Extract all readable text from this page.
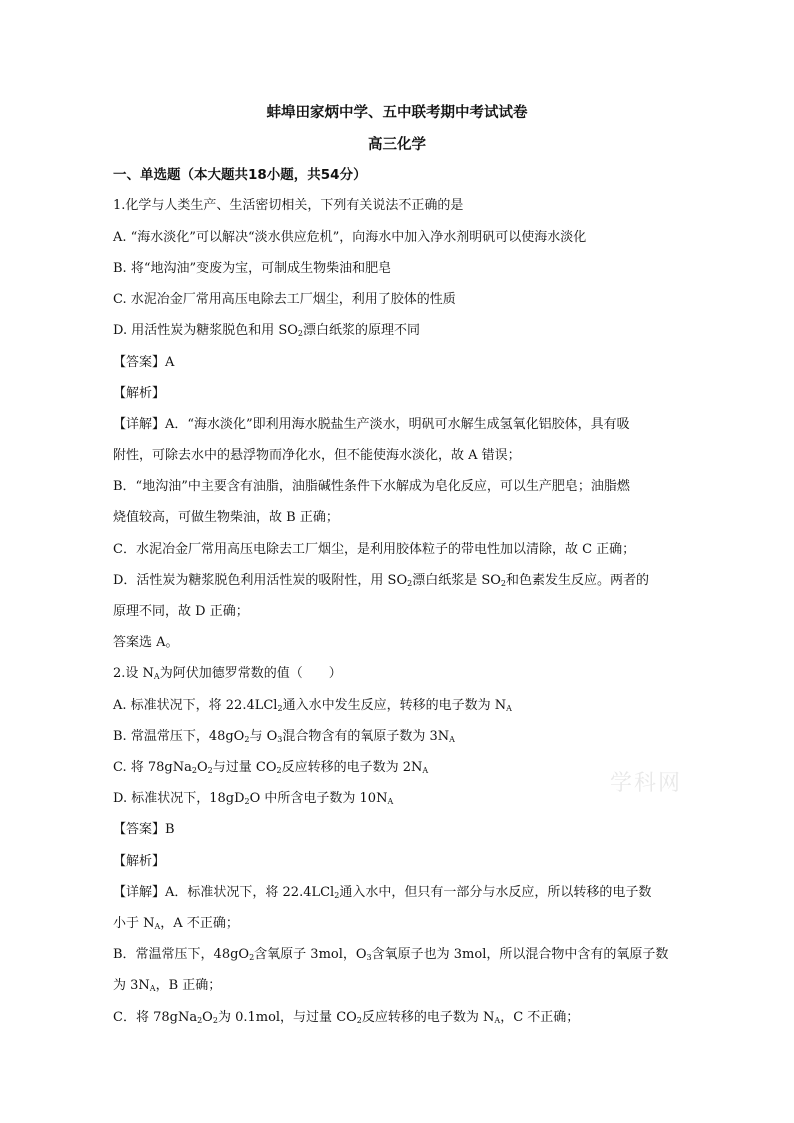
蚌埠田家炳中学、五中联考期中考试试卷
高三化学
一、单选题（本大题共18小题，共54分）
1.化学与人类生产、生活密切相关，下列有关说法不正确的是
A. “海水淡化”可以解决“淡水供应危机”，向海水中加入净水剂明矾可以使海水淡化
B. 将“地沟油”变废为宝，可制成生物柴油和肥皂
C. 水泥冶金厂常用高压电除去工厂烟尘，利用了胶体的性质
D. 用活性炭为糖浆脱色和用 $SO_2$漂白纸浆的原理不同
【答案】A
【解析】
【详解】A．“海水淡化”即利用海水脱盐生产淡水，明矾可水解生成氢氧化铝胶体，具有吸
附性，可除去水中的悬浮物而净化水，但不能使海水淡化，故 A 错误；
B．“地沟油”中主要含有油脂，油脂碱性条件下水解成为皂化反应，可以生产肥皂；油脂燃
烧值较高，可做生物柴油，故 B 正确；
C．水泥冶金厂常用高压电除去工厂烟尘，是利用胶体粒子的带电性加以清除，故 C 正确；
D．活性炭为糖浆脱色利用活性炭的吸附性，用 $SO_2$漂白纸浆是 $SO_2$和色素发生反应。两者的
原理不同，故 D 正确；
答案选 A。
2.设 $N_A$为阿伏加德罗常数的值（　　）
A. 标准状况下，将 22.4LCl$_2$通入水中发生反应，转移的电子数为 $N_A$
B. 常温常压下，$48gO_2$与 $O_3$混合物含有的氧原子数为 $3N_A$
C. 将 $78gNa_2O_2$与过量 $CO_2$反应转移的电子数为 $2N_A$
D. 标准状况下，$18gD_2O$ 中所含电子数为 $10N_A$
【答案】B
【解析】
【详解】A．标准状况下，将 22.4LCl$_2$通入水中，但只有一部分与水反应，所以转移的电子数
小于 $N_A$，A 不正确；
B．常温常压下，$48gO_2$含氧原子 3mol，$O_3$含氧原子也为 3mol，所以混合物中含有的氧原子数
为 $3N_A$，B 正确；
C．将 $78gNa_2O_2$为 0.1mol，与过量 $CO_2$反应转移的电子数为 $N_A$，C 不正确；
学科网
